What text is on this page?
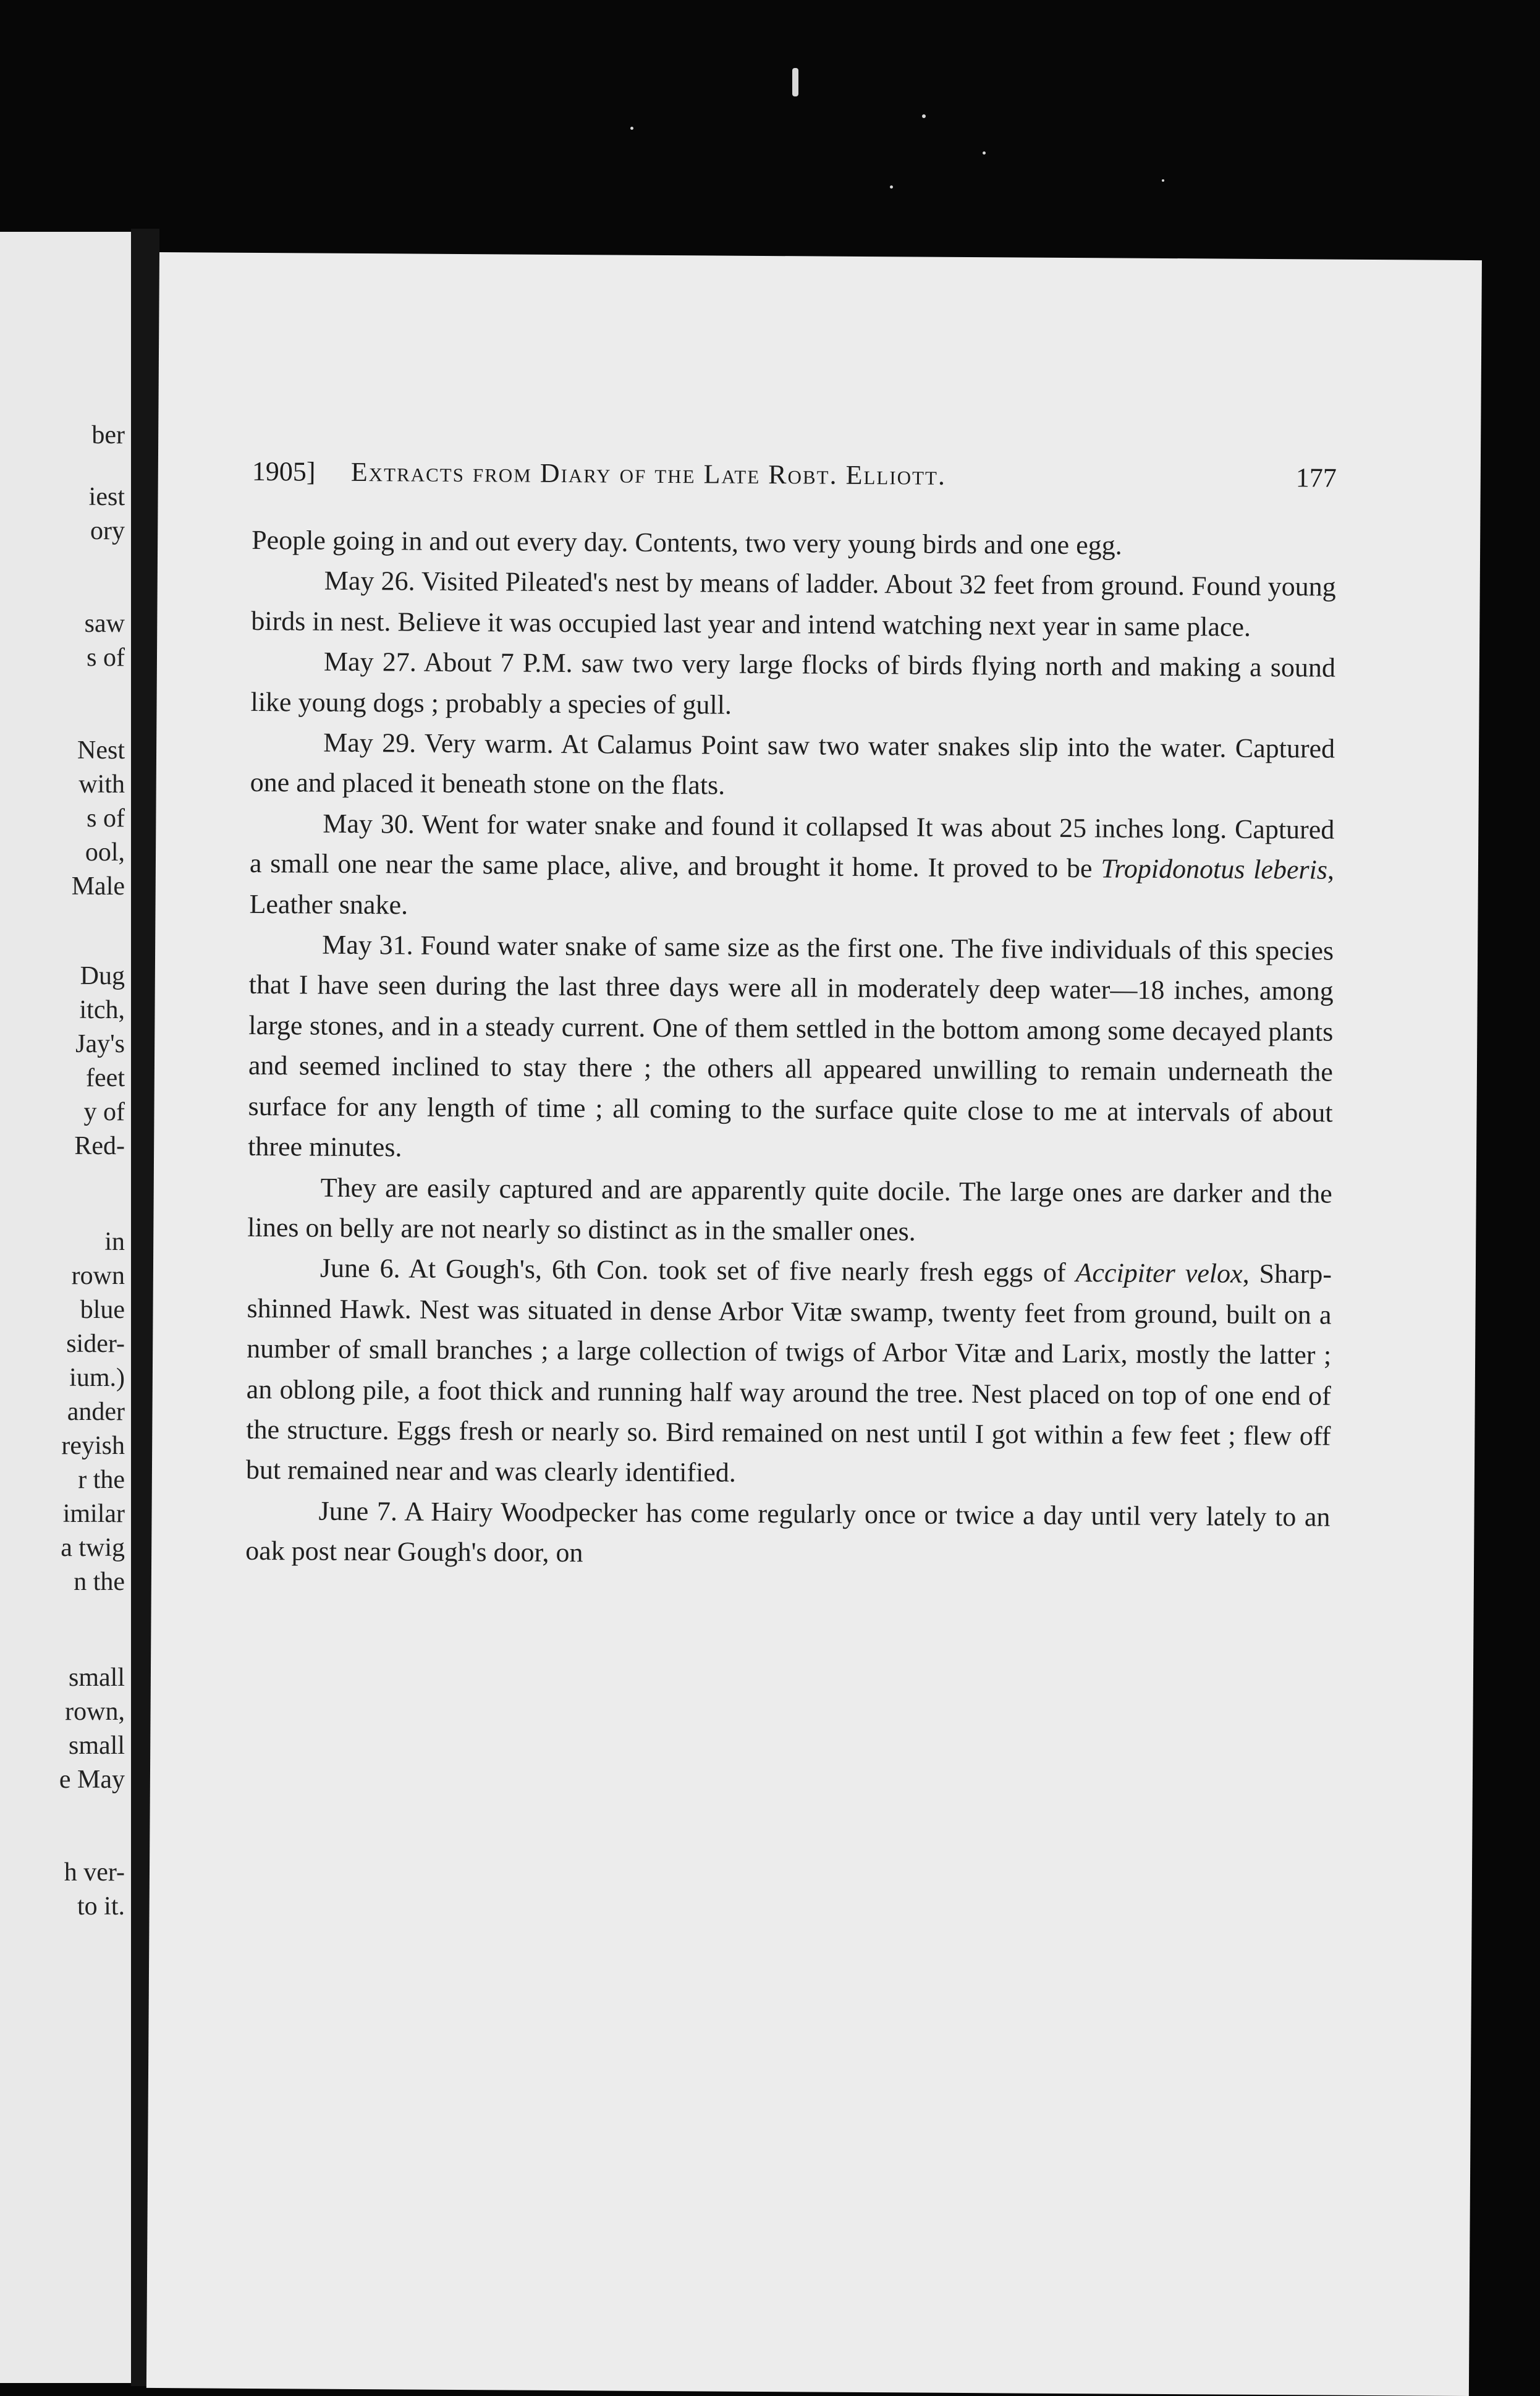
ber
iest
ory
saw
s of
Nest
with
s of
ool,
Male
Dug
itch,
Jay's
feet
y of
Red-
in
rown
blue
sider-
ium.)
ander
reyish
r the
imilar
a twig
n the
small
rown,
small
e May
h ver-
to it.
1905] Extracts from Diary of the Late Robt. Elliott.	177

People going in and out every day. Contents, two very young birds and one egg.

May 26. Visited Pileated's nest by means of ladder. About 32 feet from ground. Found young birds in nest. Believe it was occupied last year and intend watching next year in same place.

May 27. About 7 P.M. saw two very large flocks of birds flying north and making a sound like young dogs ; probably a species of gull.

May 29. Very warm. At Calamus Point saw two water snakes slip into the water. Captured one and placed it beneath stone on the flats.

May 30. Went for water snake and found it collapsed It was about 25 inches long. Captured a small one near the same place, alive, and brought it home. It proved to be Tropidonotus leberis, Leather snake.

May 31. Found water snake of same size as the first one. The five individuals of this species that I have seen during the last three days were all in moderately deep water—18 inches, among large stones, and in a steady current. One of them settled in the bottom among some decayed plants and seemed inclined to stay there ; the others all appeared unwilling to remain underneath the surface for any length of time ; all coming to the surface quite close to me at intervals of about three minutes.

They are easily captured and are apparently quite docile. The large ones are darker and the lines on belly are not nearly so distinct as in the smaller ones.

June 6. At Gough's, 6th Con. took set of five nearly fresh eggs of Accipiter velox, Sharp-shinned Hawk. Nest was situated in dense Arbor Vitæ swamp, twenty feet from ground, built on a number of small branches ; a large collection of twigs of Arbor Vitæ and Larix, mostly the latter ; an oblong pile, a foot thick and running half way around the tree. Nest placed on top of one end of the structure. Eggs fresh or nearly so. Bird remained on nest until I got within a few feet ; flew off but remained near and was clearly identified.

June 7. A Hairy Woodpecker has come regularly once or twice a day until very lately to an oak post near Gough's door, on
